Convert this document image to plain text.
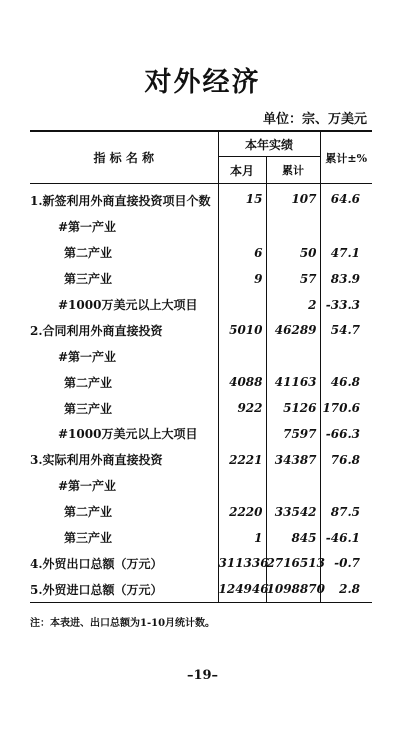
对外经济
单位：宗、万美元
指 标 名 称	本年实绩		累计±%
	本月	累计	
1.新签利用外商直接投资项目个数	15	107	64.6
#第一产业			
第二产业	6	50	47.1
第三产业	9	57	83.9
#1000万美元以上大项目		2	-33.3
2.合同利用外商直接投资	5010	46289	54.7
#第一产业			
第二产业	4088	41163	46.8
第三产业	922	5126	170.6
#1000万美元以上大项目		7597	-66.3
3.实际利用外商直接投资	2221	34387	76.8
#第一产业			
第二产业	2220	33542	87.5
第三产业	1	845	-46.1
4.外贸出口总额（万元）	311336	2716513	-0.7
5.外贸进口总额（万元）	124946	1098870	2.8
注：本表进、出口总额为1-10月统计数。
–19–
